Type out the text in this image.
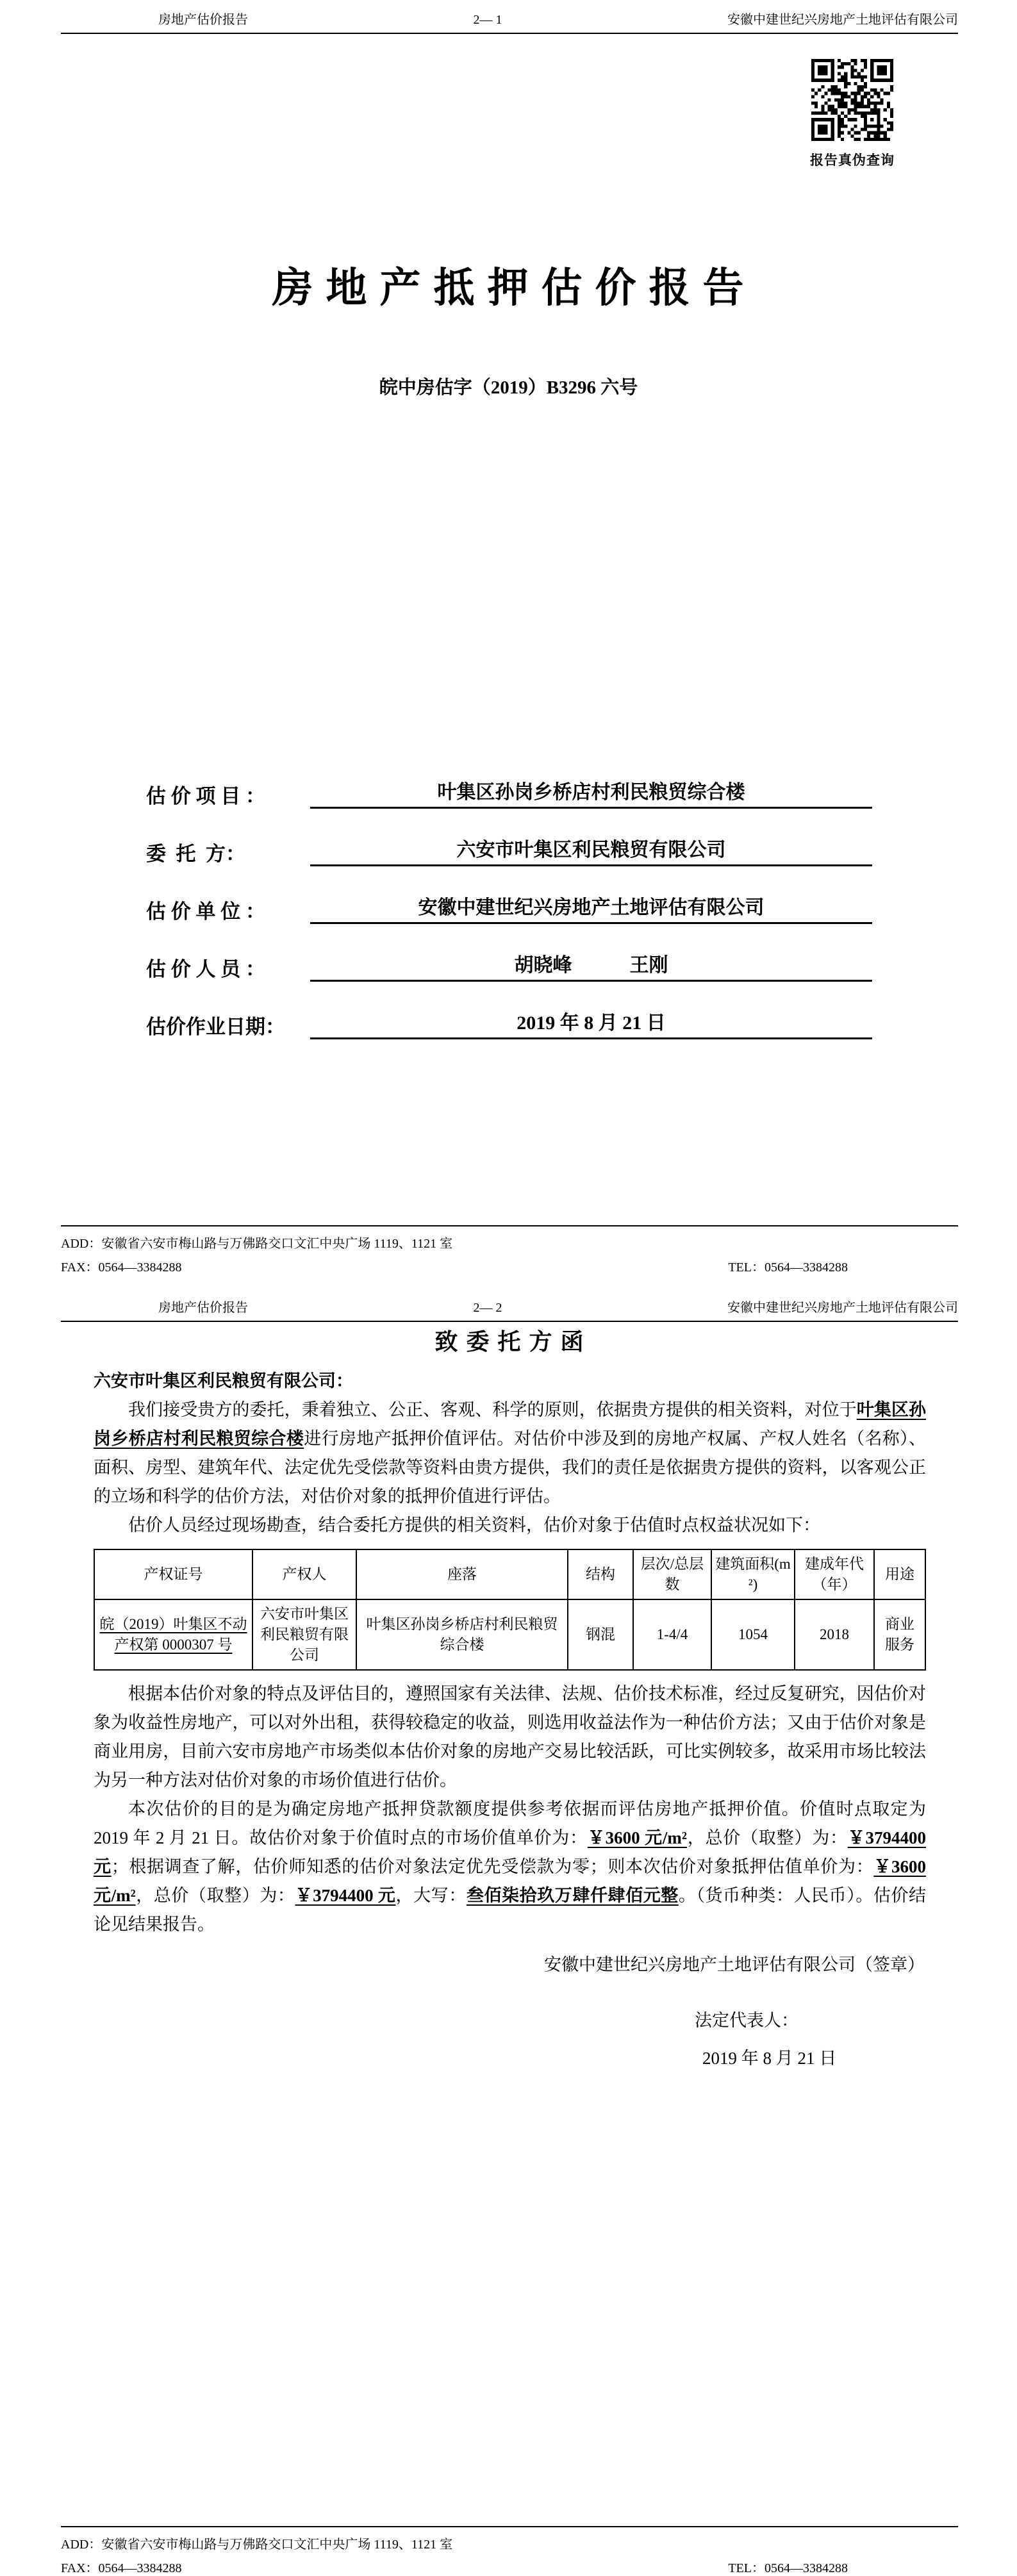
房地产估价报告	2— 1	安徽中建世纪兴房地产土地评估有限公司
报告真伪查询
房 地 产 抵 押 估 价 报 告
皖中房估字（2019）B3296 六号
估 价 项 目 ：	叶集区孙岗乡桥店村利民粮贸综合楼
委  托  方：	六安市叶集区利民粮贸有限公司
估 价 单 位 ：	安徽中建世纪兴房地产土地评估有限公司
估 价 人 员 ：	胡晓峰　　　王刚
估价作业日期：	2019 年 8 月 21 日
ADD：安徽省六安市梅山路与万佛路交口文汇中央广场 1119、1121 室
FAX：0564—3384288	TEL：0564—3384288
房地产估价报告	2— 2	安徽中建世纪兴房地产土地评估有限公司
致 委 托 方 函
六安市叶集区利民粮贸有限公司：

我们接受贵方的委托，秉着独立、公正、客观、科学的原则，依据贵方提供的相关资料，对位于叶集区孙岗乡桥店村利民粮贸综合楼进行房地产抵押价值评估。对估价中涉及到的房地产权属、产权人姓名（名称）、面积、房型、建筑年代、法定优先受偿款等资料由贵方提供，我们的责任是依据贵方提供的资料，以客观公正的立场和科学的估价方法，对估价对象的抵押价值进行评估。

估价人员经过现场勘查，结合委托方提供的相关资料，估价对象于估值时点权益状况如下：

产权证号	产权人	座落	结构	层次/总层数	建筑面积(m²)	建成年代（年）	用途
皖（2019）叶集区不动产权第 0000307 号	六安市叶集区利民粮贸有限公司	叶集区孙岗乡桥店村利民粮贸综合楼	钢混	1-4/4	1054	2018	商业服务

根据本估价对象的特点及评估目的，遵照国家有关法律、法规、估价技术标准，经过反复研究，因估价对象为收益性房地产，可以对外出租，获得较稳定的收益，则选用收益法作为一种估价方法；又由于估价对象是商业用房，目前六安市房地产市场类似本估价对象的房地产交易比较活跃，可比实例较多，故采用市场比较法为另一种方法对估价对象的市场价值进行估价。

本次估价的目的是为确定房地产抵押贷款额度提供参考依据而评估房地产抵押价值。价值时点取定为 2019 年 2 月 21 日。故估价对象于价值时点的市场价值单价为：￥3600 元/m²，总价（取整）为：￥3794400 元；根据调查了解，估价师知悉的估价对象法定优先受偿款为零；则本次估价对象抵押估值单价为：￥3600 元/m²，总价（取整）为：￥3794400 元，大写：叁佰柒拾玖万肆仟肆佰元整。（货币种类：人民币）。估价结论见结果报告。

安徽中建世纪兴房地产土地评估有限公司（签章）
法定代表人：
2019 年 8 月 21 日
ADD：安徽省六安市梅山路与万佛路交口文汇中央广场 1119、1121 室
FAX：0564—3384288	TEL：0564—3384288
